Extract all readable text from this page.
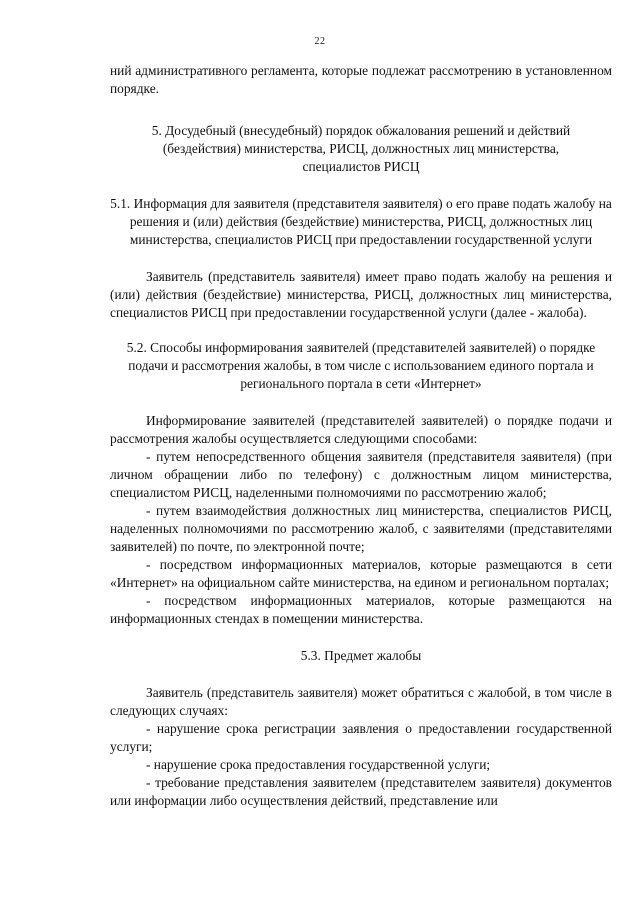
22

ний административного регламента, которые подлежат рассмотрению в установленном порядке.

5. Досудебный (внесудебный) порядок обжалования решений и действий (бездействия) министерства, РИСЦ, должностных лиц министерства, специалистов РИСЦ

5.1. Информация для заявителя (представителя заявителя) о его праве подать жалобу на решения и (или) действия (бездействие) министерства, РИСЦ, должностных лиц министерства, специалистов РИСЦ при предоставлении государственной услуги

Заявитель (представитель заявителя) имеет право подать жалобу на решения и (или) действия (бездействие) министерства, РИСЦ, должностных лиц министерства, специалистов РИСЦ при предоставлении государственной услуги (далее - жалоба).

5.2. Способы информирования заявителей (представителей заявителей) о порядке подачи и рассмотрения жалобы, в том числе с использованием единого портала и регионального портала в сети «Интернет»

Информирование заявителей (представителей заявителей) о порядке подачи и рассмотрения жалобы осуществляется следующими способами:

- путем непосредственного общения заявителя (представителя заявителя) (при личном обращении либо по телефону) с должностным лицом министерства, специалистом РИСЦ, наделенными полномочиями по рассмотрению жалоб;

- путем взаимодействия должностных лиц министерства, специалистов РИСЦ, наделенных полномочиями по рассмотрению жалоб, с заявителями (представителями заявителей) по почте, по электронной почте;

- посредством информационных материалов, которые размещаются в сети «Интернет» на официальном сайте министерства, на едином и региональном порталах;

- посредством информационных материалов, которые размещаются на информационных стендах в помещении министерства.

5.3. Предмет жалобы

Заявитель (представитель заявителя) может обратиться с жалобой, в том числе в следующих случаях:

- нарушение срока регистрации заявления о предоставлении государственной услуги;

- нарушение срока предоставления государственной услуги;

- требование представления заявителем (представителем заявителя) документов или информации либо осуществления действий, представление или
